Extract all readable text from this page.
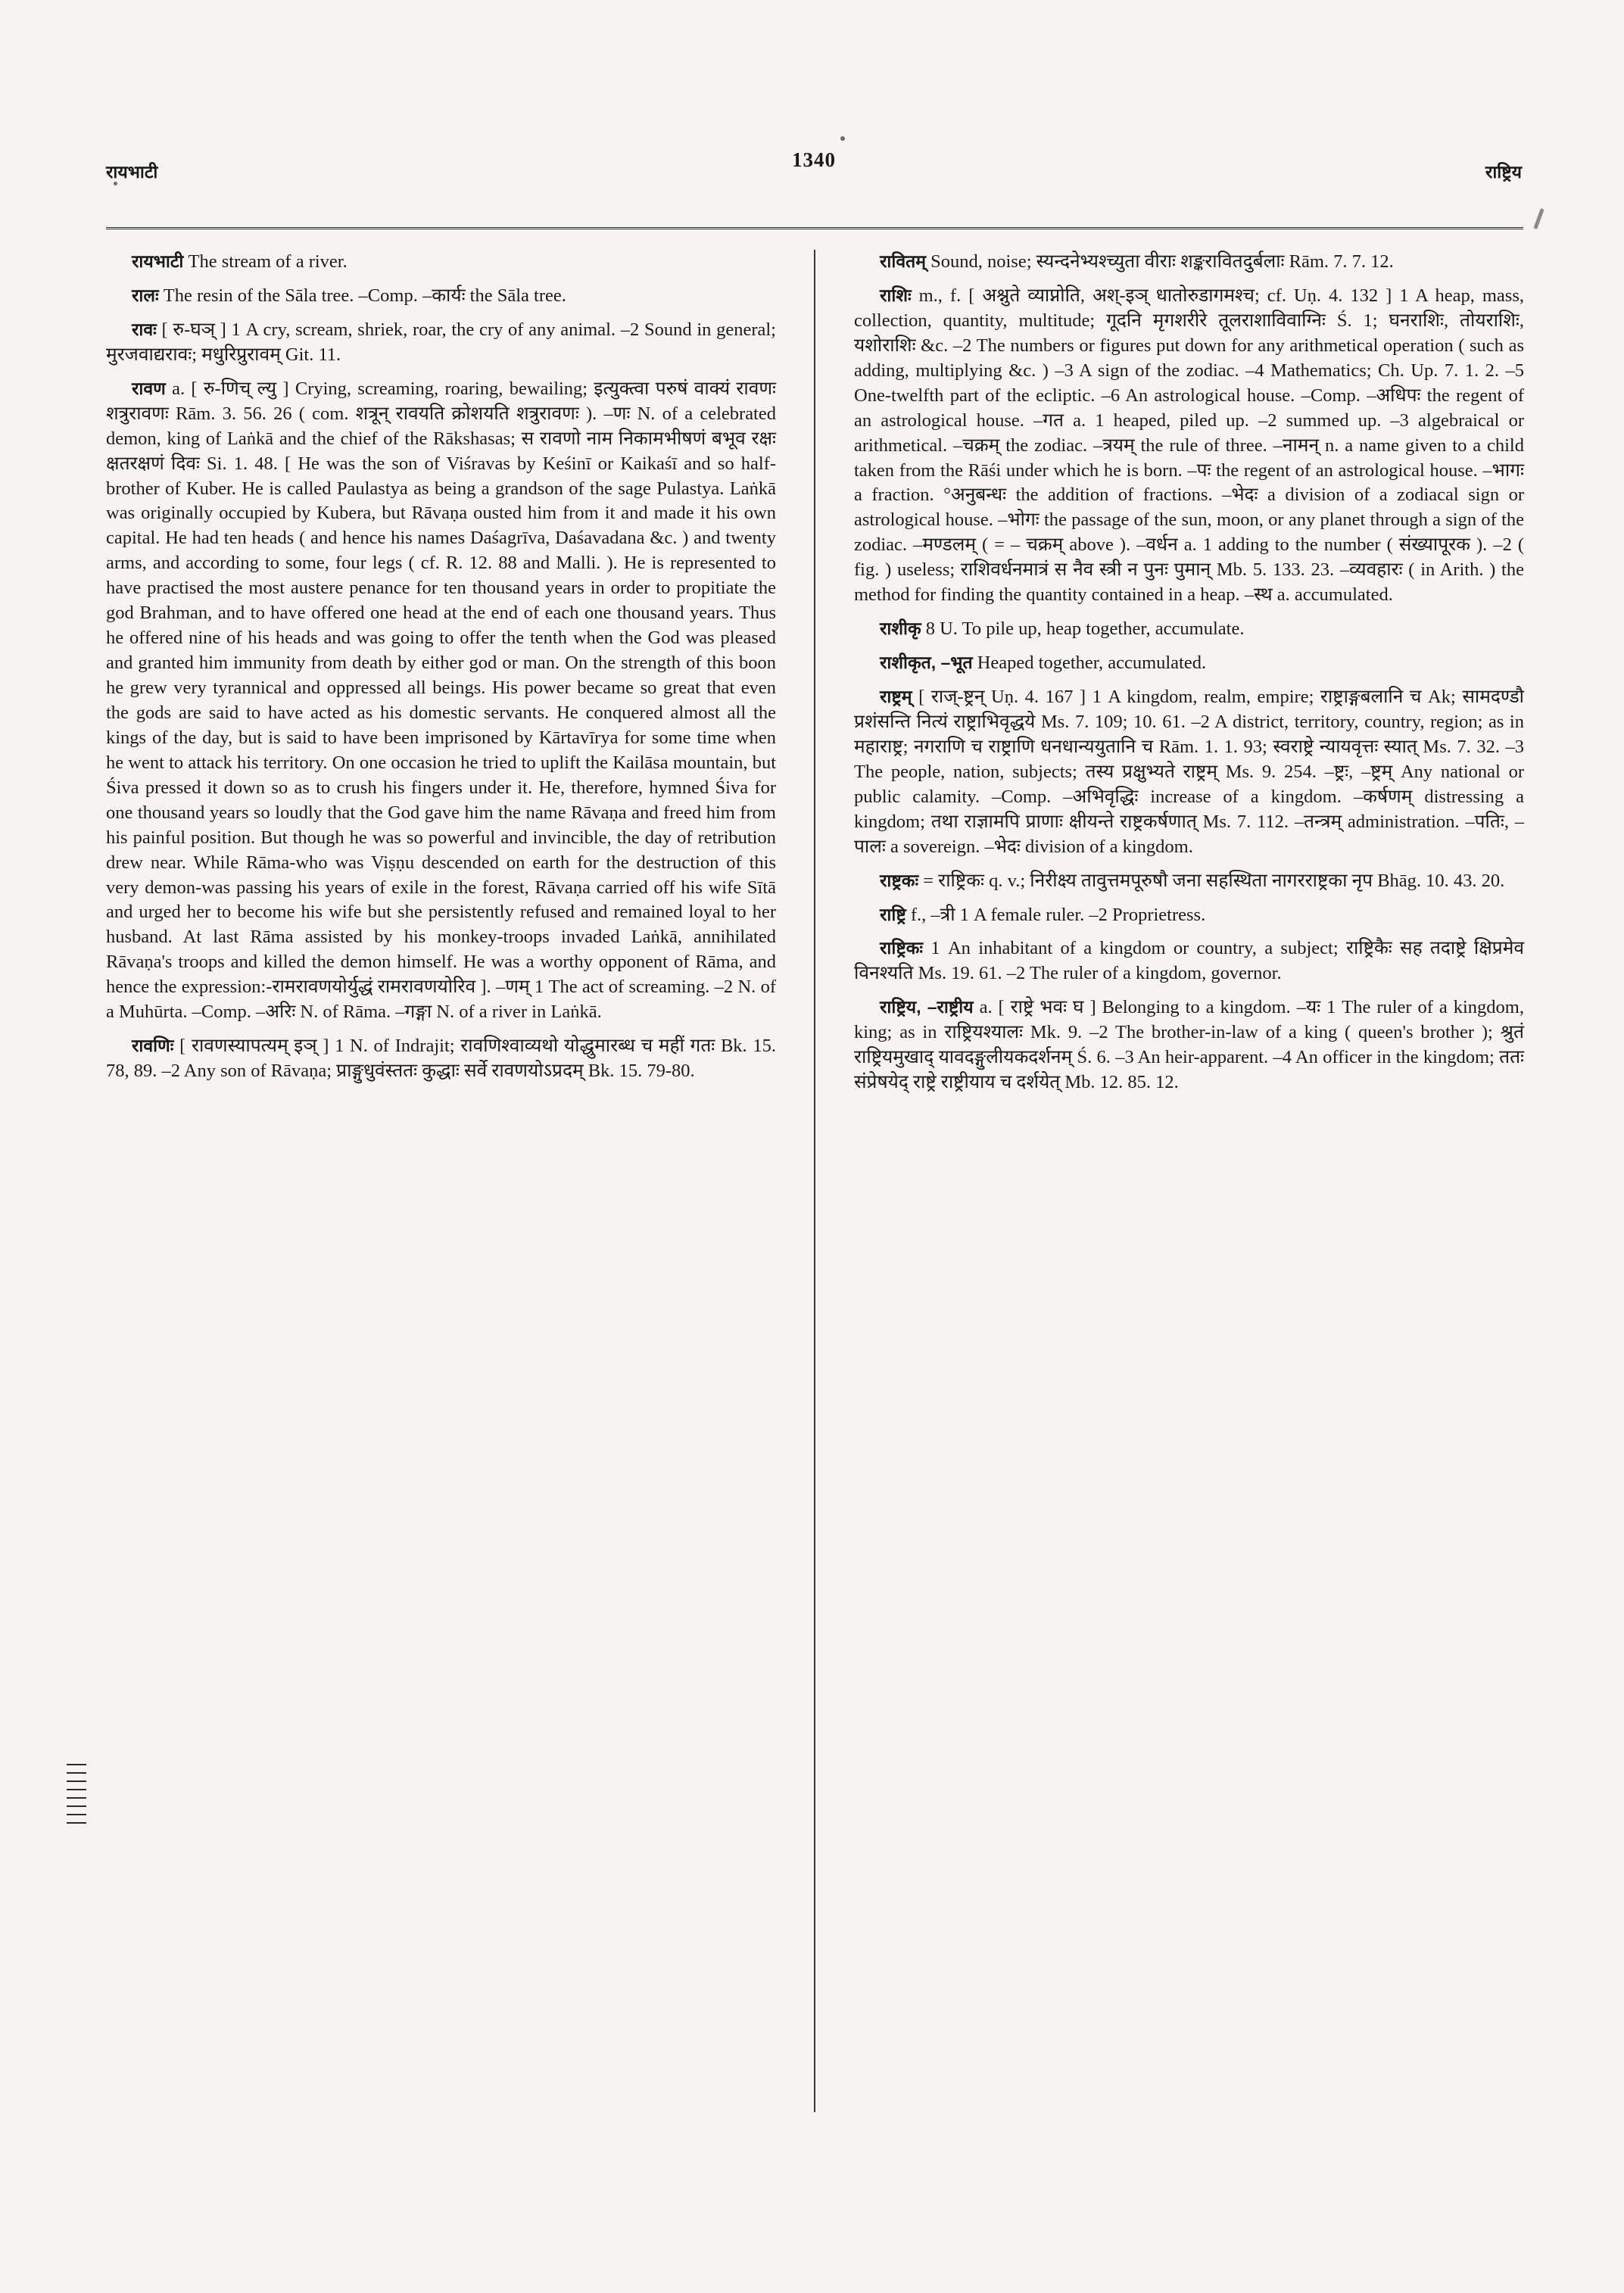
रायभाटी
1340
राष्ट्रिय

रायभाटी The stream of a river.

रालः The resin of the Sāla tree. –Comp. –कार्यः the Sāla tree.

रावः [ रु-घञ् ] 1 A cry, scream, shriek, roar, the cry of any animal. –2 Sound in general; मुरजवाद्यरावः; मधुरिप्रुरावम् Git. 11.

रावण a. [ रु-णिच् ल्यु ] Crying, screaming, roaring, bewailing; इत्युक्त्वा परुषं वाक्यं रावणः शत्रुरावणः Rām. 3. 56. 26 ( com. शत्रून् रावयति क्रोशयति शत्रुरावणः ). –णः N. of a celebrated demon, king of Laṅkā and the chief of the Rākshasas; स रावणो नाम निकामभीषणं बभूव रक्षः क्षतरक्षणं दिवः Si. 1. 48. [ He was the son of Viśravas by Keśinī or Kaikaśī and so half-brother of Kuber. He is called Paulastya as being a grandson of the sage Pulastya. Laṅkā was originally occupied by Kubera, but Rāvaṇa ousted him from it and made it his own capital. He had ten heads ( and hence his names Daśagrīva, Daśavadana &c. ) and twenty arms, and according to some, four legs ( cf. R. 12. 88 and Malli. ). He is represented to have practised the most austere penance for ten thousand years in order to propitiate the god Brahman, and to have offered one head at the end of each one thousand years. Thus he offered nine of his heads and was going to offer the tenth when the God was pleased and granted him immunity from death by either god or man. On the strength of this boon he grew very tyrannical and oppressed all beings. His power became so great that even the gods are said to have acted as his domestic servants. He conquered almost all the kings of the day, but is said to have been imprisoned by Kārtavīrya for some time when he went to attack his territory. On one occasion he tried to uplift the Kailāsa mountain, but Śiva pressed it down so as to crush his fingers under it. He, therefore, hymned Śiva for one thousand years so loudly that the God gave him the name Rāvaṇa and freed him from his painful position. But though he was so powerful and invincible, the day of retribution drew near. While Rāma-who was Viṣṇu descended on earth for the destruction of this very demon-was passing his years of exile in the forest, Rāvaṇa carried off his wife Sītā and urged her to become his wife but she persistently refused and remained loyal to her husband. At last Rāma assisted by his monkey-troops invaded Laṅkā, annihilated Rāvaṇa's troops and killed the demon himself. He was a worthy opponent of Rāma, and hence the expression:-रामरावणयोर्युद्धं रामरावणयोरिव ]. –णम् 1 The act of screaming. –2 N. of a Muhūrta. –Comp. –अरिः N. of Rāma. –गङ्गा N. of a river in Laṅkā.

रावणिः [ रावणस्यापत्यम् इञ् ] 1 N. of Indrajit; रावणिश्वाव्यथो योद्धुमारब्ध च महीं गतः Bk. 15. 78, 89. –2 Any son of Rāvaṇa; प्राङ्गुधुवंस्ततः कुद्धाः सर्वे रावणयोऽप्रदम् Bk. 15. 79-80.

रावितम् Sound, noise; स्यन्दनेभ्यश्च्युता वीराः शङ्करावितदुर्बलाः Rām. 7. 7. 12.

राशिः m., f. [ अश्नुते व्याप्नोति, अश्-इञ् धातोरुडागमश्च; cf. Uṇ. 4. 132 ] 1 A heap, mass, collection, quantity, multitude; गूदनि मृगशरीरे तूलराशाविवाग्निः Ś. 1; घनराशिः, तोयराशिः, यशोराशिः &c. –2 The numbers or figures put down for any arithmetical operation ( such as adding, multiplying &c. ) –3 A sign of the zodiac. –4 Mathematics; Ch. Up. 7. 1. 2. –5 One-twelfth part of the ecliptic. –6 An astrological house. –Comp. –अधिपः the regent of an astrological house. –गत a. 1 heaped, piled up. –2 summed up. –3 algebraical or arithmetical. –चक्रम् the zodiac. –त्रयम् the rule of three. –नामन् n. a name given to a child taken from the Rāśi under which he is born. –पः the regent of an astrological house. –भागः a fraction. °अनुबन्धः the addition of fractions. –भेदः a division of a zodiacal sign or astrological house. –भोगः the passage of the sun, moon, or any planet through a sign of the zodiac. –मण्डलम् ( = – चक्रम् above ). –वर्धन a. 1 adding to the number ( संख्यापूरक ). –2 ( fig. ) useless; राशिवर्धनमात्रं स नैव स्त्री न पुनः पुमान् Mb. 5. 133. 23. –व्यवहारः ( in Arith. ) the method for finding the quantity contained in a heap. –स्थ a. accumulated.

राशीकृ 8 U. To pile up, heap together, accumulate.

राशीकृत, –भूत Heaped together, accumulated.

राष्ट्रम् [ राज्-ष्ट्रन् Uṇ. 4. 167 ] 1 A kingdom, realm, empire; राष्ट्राङ्गबलानि च Ak; सामदण्डौ प्रशंसन्ति नित्यं राष्ट्राभिवृद्धये Ms. 7. 109; 10. 61. –2 A district, territory, country, region; as in महाराष्ट्र; नगराणि च राष्ट्राणि धनधान्ययुतानि च Rām. 1. 1. 93; स्वराष्ट्रे न्यायवृत्तः स्यात् Ms. 7. 32. –3 The people, nation, subjects; तस्य प्रक्षुभ्यते राष्ट्रम् Ms. 9. 254. –ष्ट्रः, –ष्ट्रम् Any national or public calamity. –Comp. –अभिवृद्धिः increase of a kingdom. –कर्षणम् distressing a kingdom; तथा राज्ञामपि प्राणाः क्षीयन्ते राष्ट्रकर्षणात् Ms. 7. 112. –तन्त्रम् administration. –पतिः, –पालः a sovereign. –भेदः division of a kingdom.

राष्ट्रकः = राष्ट्रिकः q. v.; निरीक्ष्य तावुत्तमपूरुषौ जना सहस्थिता नागरराष्ट्रका नृप Bhāg. 10. 43. 20.

राष्ट्रि f., –त्री 1 A female ruler. –2 Proprietress.

राष्ट्रिकः 1 An inhabitant of a kingdom or country, a subject; राष्ट्रिकैः सह तदाष्ट्रे क्षिप्रमेव विनश्यति Ms. 19. 61. –2 The ruler of a kingdom, governor.

राष्ट्रिय, –राष्ट्रीय a. [ राष्ट्रे भवः घ ] Belonging to a kingdom. –यः 1 The ruler of a kingdom, king; as in राष्ट्रियश्यालः Mk. 9. –2 The brother-in-law of a king ( queen's brother ); श्रुतं राष्ट्रियमुखाद् यावदङ्गुलीयकदर्शनम् Ś. 6. –3 An heir-apparent. –4 An officer in the kingdom; ततः संप्रेषयेद् राष्ट्रे राष्ट्रीयाय च दर्शयेत् Mb. 12. 85. 12.
